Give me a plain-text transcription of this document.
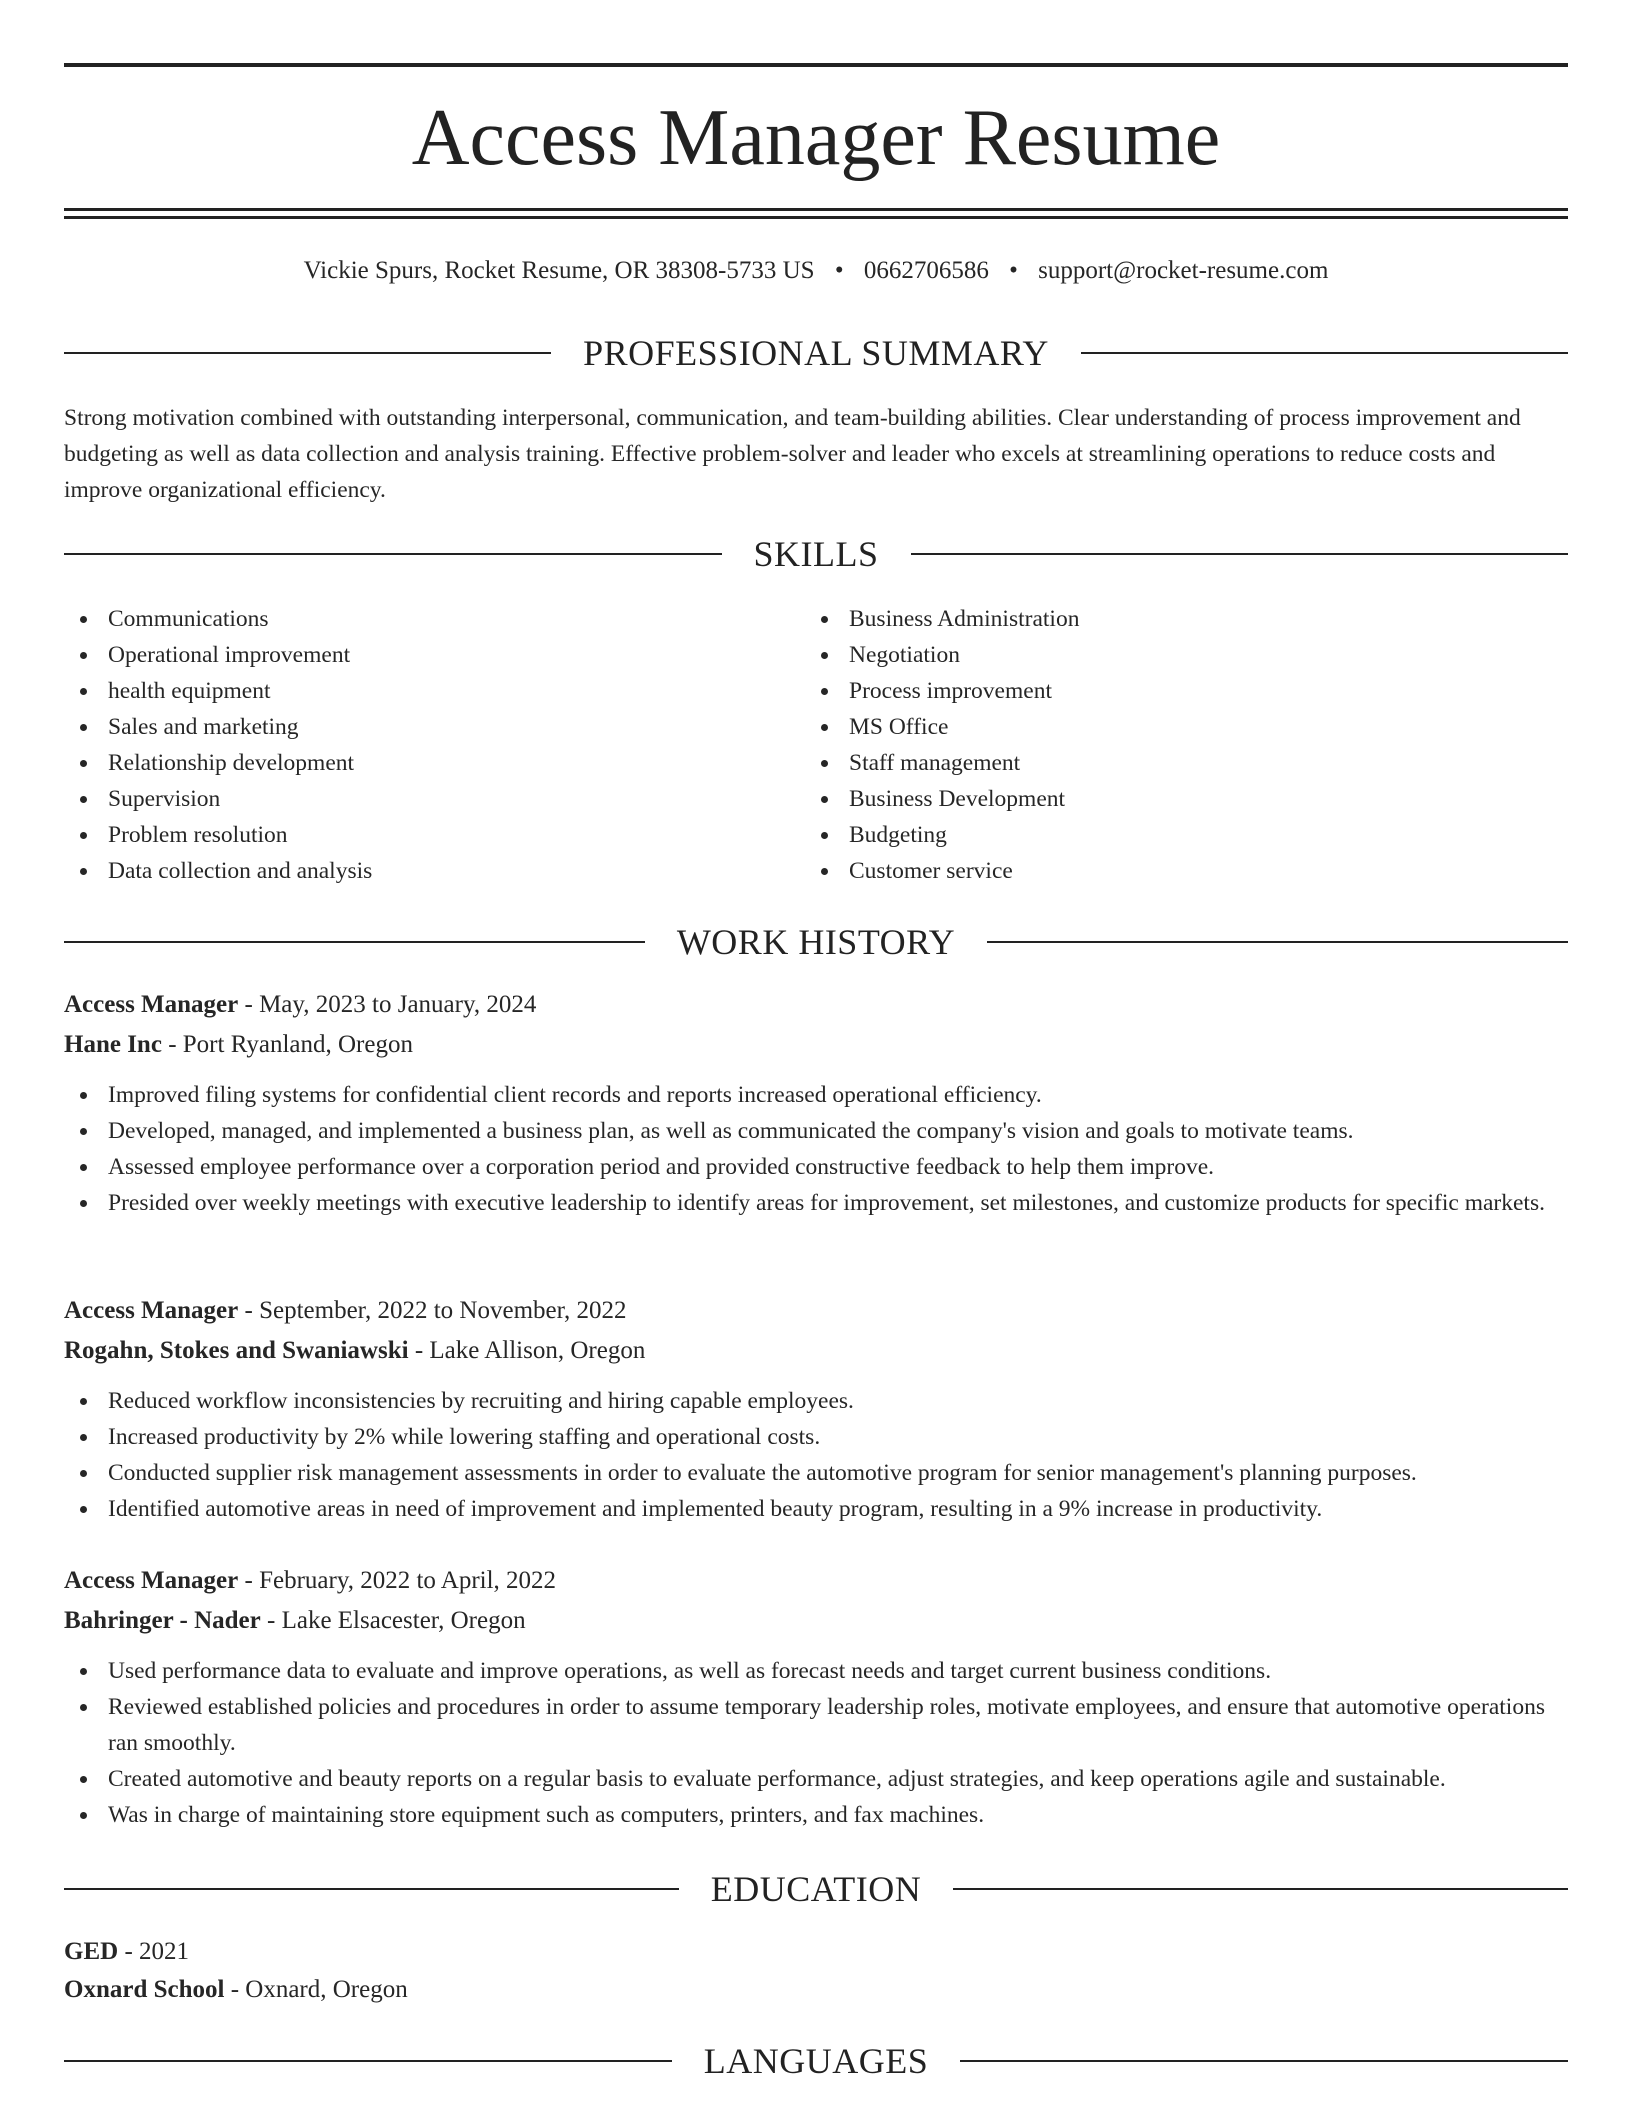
Access Manager Resume
Vickie Spurs, Rocket Resume, OR 38308-5733 US • 0662706586 • support@rocket-resume.com
PROFESSIONAL SUMMARY

Strong motivation combined with outstanding interpersonal, communication, and team-building abilities. Clear understanding of process improvement and budgeting as well as data collection and analysis training. Effective problem-solver and leader who excels at streamlining operations to reduce costs and improve organizational efficiency.

SKILLS
Communications
Operational improvement
health equipment
Sales and marketing
Relationship development
Supervision
Problem resolution
Data collection and analysis
Business Administration
Negotiation
Process improvement
MS Office
Staff management
Business Development
Budgeting
Customer service
WORK HISTORY
Access Manager - May, 2023 to January, 2024
Hane Inc - Port Ryanland, Oregon
Improved filing systems for confidential client records and reports increased operational efficiency.
Developed, managed, and implemented a business plan, as well as communicated the company's vision and goals to motivate teams.
Assessed employee performance over a corporation period and provided constructive feedback to help them improve.
Presided over weekly meetings with executive leadership to identify areas for improvement, set milestones, and customize products for specific markets.
Access Manager - September, 2022 to November, 2022
Rogahn, Stokes and Swaniawski - Lake Allison, Oregon
Reduced workflow inconsistencies by recruiting and hiring capable employees.
Increased productivity by 2% while lowering staffing and operational costs.
Conducted supplier risk management assessments in order to evaluate the automotive program for senior management's planning purposes.
Identified automotive areas in need of improvement and implemented beauty program, resulting in a 9% increase in productivity.
Access Manager - February, 2022 to April, 2022
Bahringer - Nader - Lake Elsacester, Oregon
Used performance data to evaluate and improve operations, as well as forecast needs and target current business conditions.
Reviewed established policies and procedures in order to assume temporary leadership roles, motivate employees, and ensure that automotive operations ran smoothly.
Created automotive and beauty reports on a regular basis to evaluate performance, adjust strategies, and keep operations agile and sustainable.
Was in charge of maintaining store equipment such as computers, printers, and fax machines.
EDUCATION
GED - 2021
Oxnard School - Oxnard, Oregon
LANGUAGES
